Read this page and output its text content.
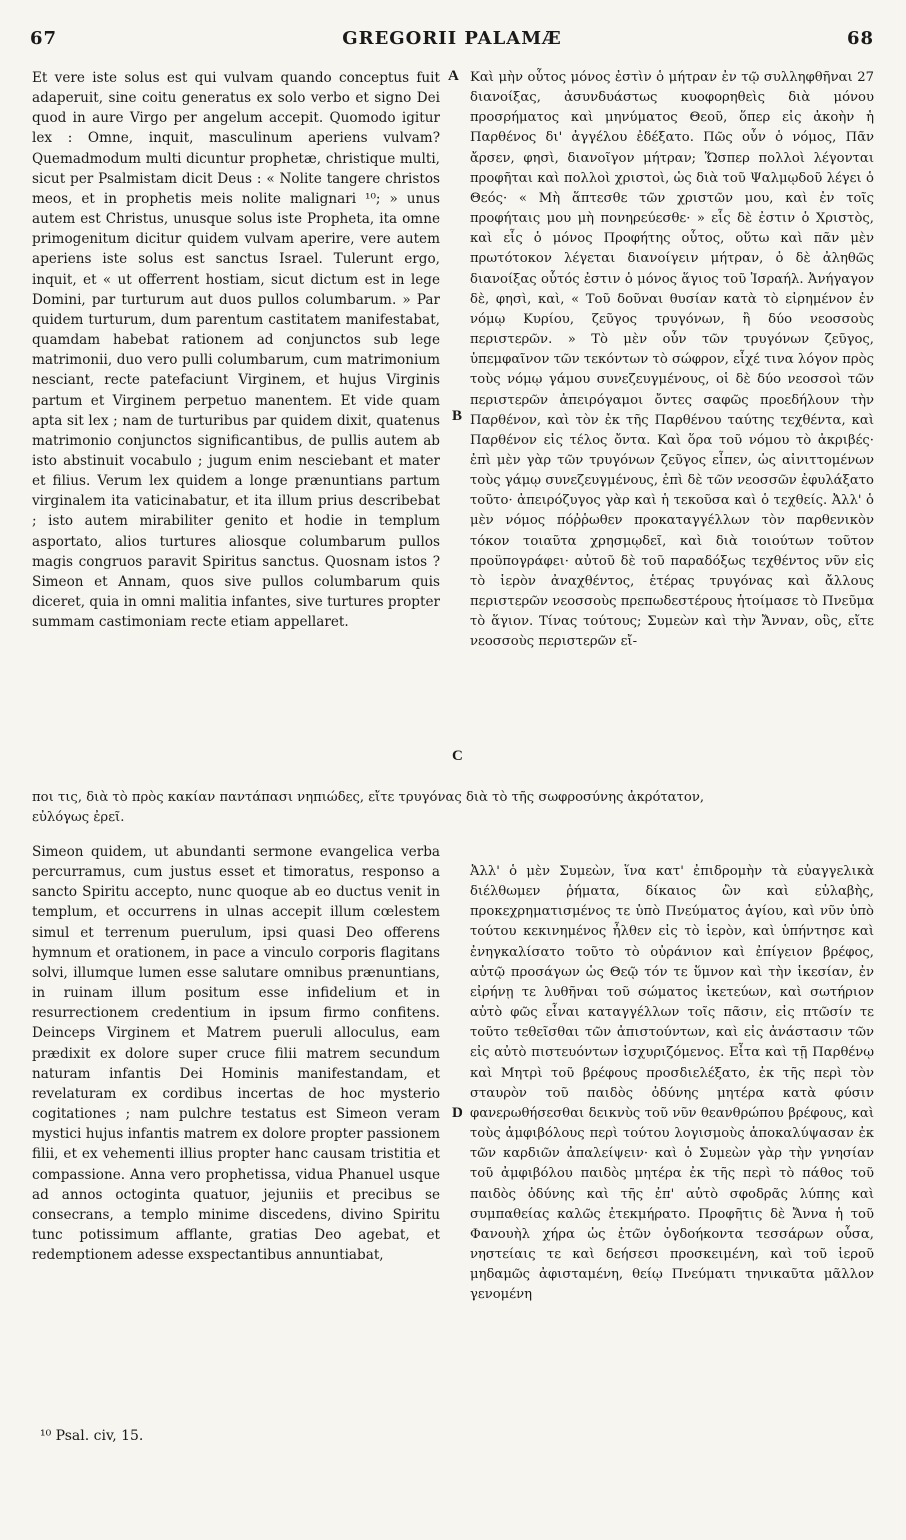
67	GREGORII PALAMÆ	68

Et vere iste solus est qui vulvam quando conceptus fuit adaperuit, sine coitu generatus ex solo verbo et signo Dei quod in aure Virgo per angelum accepit. Quomodo igitur lex : Omne, inquit, masculinum aperiens vulvam? Quemadmodum multi dicuntur prophetæ, christique multi, sicut per Psalmistam dicit Deus : « Nolite tangere christos meos, et in prophetis meis nolite malignari ¹⁰; » unus autem est Christus, unusque solus iste Propheta, ita omne primogenitum dicitur quidem vulvam aperire, vere autem aperiens iste solus est sanctus Israel. Tulerunt ergo, inquit, et « ut offerrent hostiam, sicut dictum est in lege Domini, par turturum aut duos pullos columbarum. » Par quidem turturum, dum parentum castitatem manifestabat, quamdam habebat rationem ad conjunctos sub lege matrimonii, duo vero pulli columbarum, cum matrimonium nesciant, recte patefaciunt Virginem, et hujus Virginis partum et Virginem perpetuo manentem. Et vide quam apta sit lex ; nam de turturibus par quidem dixit, quatenus matrimonio conjunctos significantibus, de pullis autem ab isto abstinuit vocabulo ; jugum enim nesciebant et mater et filius. Verum lex quidem a longe prænuntians partum virginalem ita vaticinabatur, et ita illum prius describebat ; isto autem mirabiliter genito et hodie in templum asportato, alios turtures aliosque columbarum pullos magis congruos paravit Spiritus sanctus. Quosnam istos ? Simeon et Annam, quos sive pullos columbarum quis diceret, quia in omni malitia infantes, sive turtures propter summam castimoniam recte etiam appellaret.

Καὶ μὴν οὗτος μόνος ἐστὶν ὁ μήτραν ἐν τῷ συλληφθῆναι 27 διανοίξας, ἀσυνδυάστως κυοφορηθεὶς διὰ μόνου προσρήματος καὶ μηνύματος Θεοῦ, ὅπερ εἰς ἀκοὴν ἡ Παρθένος δι' ἀγγέλου ἐδέξατο. Πῶς οὖν ὁ νόμος, Πᾶν ἄρσεν, φησὶ, διανοῖγον μήτραν; Ὥσπερ πολλοὶ λέγονται προφῆται καὶ πολλοὶ χριστοὶ, ὡς διὰ τοῦ Ψαλμῳδοῦ λέγει ὁ Θεός· « Μὴ ἅπτεσθε τῶν χριστῶν μου, καὶ ἐν τοῖς προφήταις μου μὴ πονηρεύεσθε· » εἷς δὲ ἐστιν ὁ Χριστὸς, καὶ εἷς ὁ μόνος Προφήτης οὗτος, οὕτω καὶ πᾶν μὲν πρωτότοκον λέγεται διανοίγειν μήτραν, ὁ δὲ ἀληθῶς διανοίξας οὗτός ἐστιν ὁ μόνος ἅγιος τοῦ Ἰσραήλ. Ἀνήγαγον δὲ, φησὶ, καὶ, « Τοῦ δοῦναι θυσίαν κατὰ τὸ εἰρημένον ἐν νόμῳ Κυρίου, ζεῦγος τρυγόνων, ἢ δύο νεοσσοὺς περιστερῶν. » Τὸ μὲν οὖν τῶν τρυγόνων ζεῦγος, ὑπεμφαῖνον τῶν τεκόντων τὸ σώφρον, εἶχέ τινα λόγον πρὸς τοὺς νόμῳ γάμου συνεζευγμένους, οἱ δὲ δύο νεοσσοὶ τῶν περιστερῶν ἀπειρόγαμοι ὄντες σαφῶς προεδήλουν τὴν Παρθένον, καὶ τὸν ἐκ τῆς Παρθένου ταύτης τεχθέντα, καὶ Παρθένον εἰς τέλος ὄντα. Καὶ ὅρα τοῦ νόμου τὸ ἀκριβές· ἐπὶ μὲν γὰρ τῶν τρυγόνων ζεῦγος εἶπεν, ὡς αἰνιττομένων τοὺς γάμῳ συνεζευγμένους, ἐπὶ δὲ τῶν νεοσσῶν ἐφυλάξατο τοῦτο· ἀπειρόζυγος γὰρ καὶ ἡ τεκοῦσα καὶ ὁ τεχθείς. Ἀλλ' ὁ μὲν νόμος πόῤῥωθεν προκαταγγέλλων τὸν παρθενικὸν τόκον τοιαῦτα χρησμῳδεῖ, καὶ διὰ τοιούτων τοῦτον προϋπογράφει· αὐτοῦ δὲ τοῦ παραδόξως τεχθέντος νῦν εἰς τὸ ἱερὸν ἀναχθέντος, ἑτέρας τρυγόνας καὶ ἄλλους περιστερῶν νεοσσοὺς πρεπωδεστέρους ἡτοίμασε τὸ Πνεῦμα τὸ ἅγιον. Τίνας τούτους; Συμεὼν καὶ τὴν Ἄνναν, οὓς, εἴτε νεοσσοὺς περιστερῶν εἴ-

A
B
C
D
ποι τις, διὰ τὸ πρὸς κακίαν παντάπασι νηπιώδες, εἴτε τρυγόνας διὰ τὸ τῆς σωφροσύνης ἀκρότατον,
εὐλόγως ἐρεῖ.

Simeon quidem, ut abundanti sermone evangelica verba percurramus, cum justus esset et timoratus, responso a sancto Spiritu accepto, nunc quoque ab eo ductus venit in templum, et occurrens in ulnas accepit illum cœlestem simul et terrenum puerulum, ipsi quasi Deo offerens hymnum et orationem, in pace a vinculo corporis flagitans solvi, illumque lumen esse salutare omnibus prænuntians, in ruinam illum positum esse infidelium et in resurrectionem credentium in ipsum firmo confitens. Deinceps Virginem et Matrem pueruli alloculus, eam prædixit ex dolore super cruce filii matrem secundum naturam infantis Dei Hominis manifestandam, et revelaturam ex cordibus incertas de hoc mysterio cogitationes ; nam pulchre testatus est Simeon veram mystici hujus infantis matrem ex dolore propter passionem filii, et ex vehementi illius propter hanc causam tristitia et compassione. Anna vero prophetissa, vidua Phanuel usque ad annos octoginta quatuor, jejuniis et precibus se consecrans, a templo minime discedens, divino Spiritu tunc potissimum afflante, gratias Deo agebat, et redemptionem adesse exspectantibus annuntiabat,

Ἀλλ' ὁ μὲν Συμεὼν, ἵνα κατ' ἐπιδρομὴν τὰ εὐαγγελικὰ διέλθωμεν ῥήματα, δίκαιος ὢν καὶ εὐλαβὴς, προκεχρηματισμένος τε ὑπὸ Πνεύματος ἁγίου, καὶ νῦν ὑπὸ τούτου κεκινημένος ἦλθεν εἰς τὸ ἱερὸν, καὶ ὑπήντησε καὶ ἐνηγκαλίσατο τοῦτο τὸ οὐράνιον καὶ ἐπίγειον βρέφος, αὐτῷ προσάγων ὡς Θεῷ τόν τε ὕμνον καὶ τὴν ἱκεσίαν, ἐν εἰρήνῃ τε λυθῆναι τοῦ σώματος ἱκετεύων, καὶ σωτήριον αὐτὸ φῶς εἶναι καταγγέλλων τοῖς πᾶσιν, εἰς πτῶσίν τε τοῦτο τεθεῖσθαι τῶν ἀπιστούντων, καὶ εἰς ἀνάστασιν τῶν εἰς αὐτὸ πιστευόντων ἰσχυριζόμενος. Εἶτα καὶ τῇ Παρθένῳ καὶ Μητρὶ τοῦ βρέφους προσδιελέξατο, ἐκ τῆς περὶ τὸν σταυρὸν τοῦ παιδὸς ὀδύνης μητέρα κατὰ φύσιν φανερωθήσεσθαι δεικνὺς τοῦ νῦν θεανθρώπου βρέφους, καὶ τοὺς ἀμφιβόλους περὶ τούτου λογισμοὺς ἀποκαλύψασαν ἐκ τῶν καρδιῶν ἀπαλείψειν· καὶ ὁ Συμεὼν γὰρ τὴν γνησίαν τοῦ ἀμφιβόλου παιδὸς μητέρα ἐκ τῆς περὶ τὸ πάθος τοῦ παιδὸς ὀδύνης καὶ τῆς ἐπ' αὐτὸ σφοδρᾶς λύπης καὶ συμπαθείας καλῶς ἐτεκμήρατο. Προφῆτις δὲ Ἄννα ἡ τοῦ Φανουὴλ χήρα ὡς ἐτῶν ὀγδοήκοντα τεσσάρων οὖσα, νηστείαις τε καὶ δεήσεσι προσκειμένη, καὶ τοῦ ἱεροῦ μηδαμῶς ἀφισταμένη, θείῳ Πνεύματι τηνικαῦτα μᾶλλον γενομένη

¹⁰ Psal. civ, 15.
